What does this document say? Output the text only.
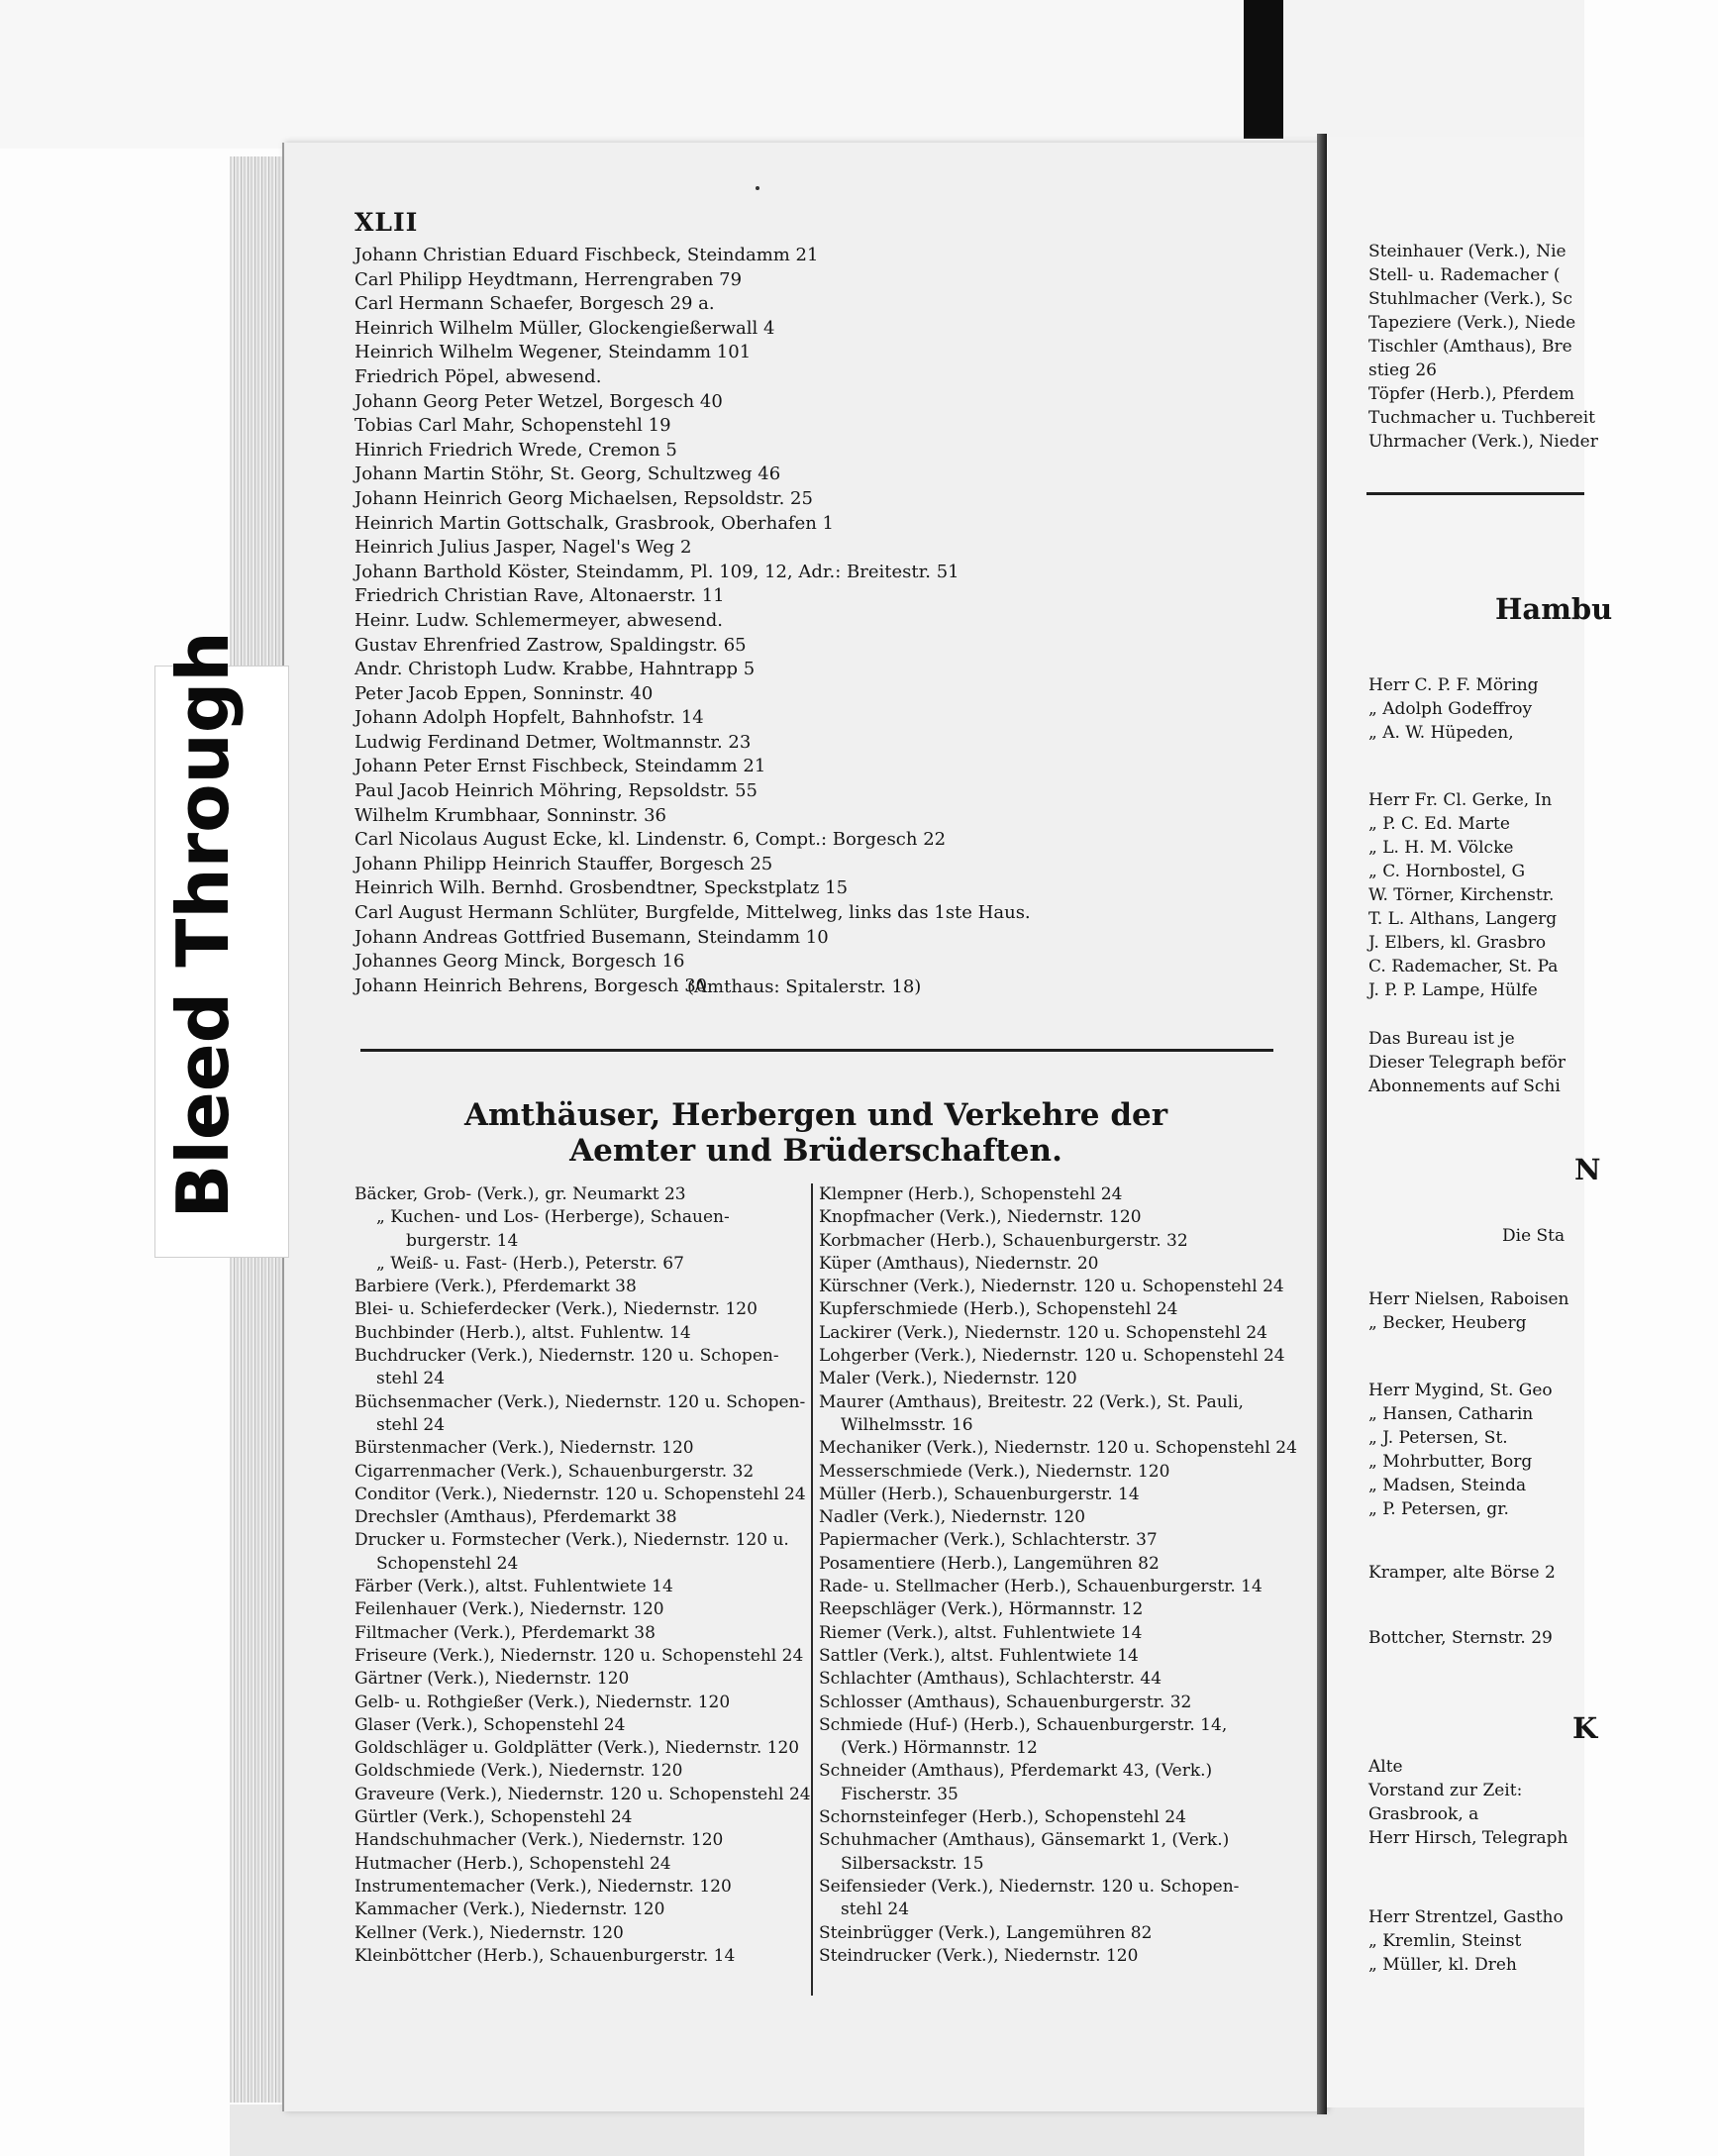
XLII
Johann Christian Eduard Fischbeck, Steindamm 21
Carl Philipp Heydtmann, Herrengraben 79
Carl Hermann Schaefer, Borgesch 29 a.
Heinrich Wilhelm Müller, Glockengießerwall 4
Heinrich Wilhelm Wegener, Steindamm 101
Friedrich Pöpel, abwesend.
Johann Georg Peter Wetzel, Borgesch 40
Tobias Carl Mahr, Schopenstehl 19
Hinrich Friedrich Wrede, Cremon 5
Johann Martin Stöhr, St. Georg, Schultzweg 46
Johann Heinrich Georg Michaelsen, Repsoldstr. 25
Heinrich Martin Gottschalk, Grasbrook, Oberhafen 1
Heinrich Julius Jasper, Nagel's Weg 2
Johann Barthold Köster, Steindamm, Pl. 109, 12, Adr.: Breitestr. 51
Friedrich Christian Rave, Altonaerstr. 11
Heinr. Ludw. Schlemermeyer, abwesend.
Gustav Ehrenfried Zastrow, Spaldingstr. 65
Andr. Christoph Ludw. Krabbe, Hahntrapp 5
Peter Jacob Eppen, Sonninstr. 40
Johann Adolph Hopfelt, Bahnhofstr. 14
Ludwig Ferdinand Detmer, Woltmannstr. 23
Johann Peter Ernst Fischbeck, Steindamm 21
Paul Jacob Heinrich Möhring, Repsoldstr. 55
Wilhelm Krumbhaar, Sonninstr. 36
Carl Nicolaus August Ecke, kl. Lindenstr. 6, Compt.: Borgesch 22
Johann Philipp Heinrich Stauffer, Borgesch 25
Heinrich Wilh. Bernhd. Grosbendtner, Speckstplatz 15
Carl August Hermann Schlüter, Burgfelde, Mittelweg, links das 1ste Haus.
Johann Andreas Gottfried Busemann, Steindamm 10
Johannes Georg Minck, Borgesch 16
Johann Heinrich Behrens, Borgesch 30
(Amthaus: Spitalerstr. 18)
Amthäuser, Herbergen und Verkehre der
Aemter und Brüderschaften.
Bäcker, Grob- (Verk.), gr. Neumarkt 23
„ Kuchen- und Los- (Herberge), Schauen-
burgerstr. 14
„ Weiß- u. Fast- (Herb.), Peterstr. 67
Barbiere (Verk.), Pferdemarkt 38
Blei- u. Schieferdecker (Verk.), Niedernstr. 120
Buchbinder (Herb.), altst. Fuhlentw. 14
Buchdrucker (Verk.), Niedernstr. 120 u. Schopen-
stehl 24
Büchsenmacher (Verk.), Niedernstr. 120 u. Schopen-
stehl 24
Bürstenmacher (Verk.), Niedernstr. 120
Cigarrenmacher (Verk.), Schauenburgerstr. 32
Conditor (Verk.), Niedernstr. 120 u. Schopenstehl 24
Drechsler (Amthaus), Pferdemarkt 38
Drucker u. Formstecher (Verk.), Niedernstr. 120 u.
Schopenstehl 24
Färber (Verk.), altst. Fuhlentwiete 14
Feilenhauer (Verk.), Niedernstr. 120
Filtmacher (Verk.), Pferdemarkt 38
Friseure (Verk.), Niedernstr. 120 u. Schopenstehl 24
Gärtner (Verk.), Niedernstr. 120
Gelb- u. Rothgießer (Verk.), Niedernstr. 120
Glaser (Verk.), Schopenstehl 24
Goldschläger u. Goldplätter (Verk.), Niedernstr. 120
Goldschmiede (Verk.), Niedernstr. 120
Graveure (Verk.), Niedernstr. 120 u. Schopenstehl 24
Gürtler (Verk.), Schopenstehl 24
Handschuhmacher (Verk.), Niedernstr. 120
Hutmacher (Herb.), Schopenstehl 24
Instrumentemacher (Verk.), Niedernstr. 120
Kammacher (Verk.), Niedernstr. 120
Kellner (Verk.), Niedernstr. 120
Kleinböttcher (Herb.), Schauenburgerstr. 14
Klempner (Herb.), Schopenstehl 24
Knopfmacher (Verk.), Niedernstr. 120
Korbmacher (Herb.), Schauenburgerstr. 32
Küper (Amthaus), Niedernstr. 20
Kürschner (Verk.), Niedernstr. 120 u. Schopenstehl 24
Kupferschmiede (Herb.), Schopenstehl 24
Lackirer (Verk.), Niedernstr. 120 u. Schopenstehl 24
Lohgerber (Verk.), Niedernstr. 120 u. Schopenstehl 24
Maler (Verk.), Niedernstr. 120
Maurer (Amthaus), Breitestr. 22 (Verk.), St. Pauli,
Wilhelmsstr. 16
Mechaniker (Verk.), Niedernstr. 120 u. Schopenstehl 24
Messerschmiede (Verk.), Niedernstr. 120
Müller (Herb.), Schauenburgerstr. 14
Nadler (Verk.), Niedernstr. 120
Papiermacher (Verk.), Schlachterstr. 37
Posamentiere (Herb.), Langemühren 82
Rade- u. Stellmacher (Herb.), Schauenburgerstr. 14
Reepschläger (Verk.), Hörmannstr. 12
Riemer (Verk.), altst. Fuhlentwiete 14
Sattler (Verk.), altst. Fuhlentwiete 14
Schlachter (Amthaus), Schlachterstr. 44
Schlosser (Amthaus), Schauenburgerstr. 32
Schmiede (Huf-) (Herb.), Schauenburgerstr. 14,
(Verk.) Hörmannstr. 12
Schneider (Amthaus), Pferdemarkt 43, (Verk.)
Fischerstr. 35
Schornsteinfeger (Herb.), Schopenstehl 24
Schuhmacher (Amthaus), Gänsemarkt 1, (Verk.)
Silbersackstr. 15
Seifensieder (Verk.), Niedernstr. 120 u. Schopen-
stehl 24
Steinbrügger (Verk.), Langemühren 82
Steindrucker (Verk.), Niedernstr. 120
Steinhauer (Verk.), Nie
Stell- u. Rademacher (
Stuhlmacher (Verk.), Sc
Tapeziere (Verk.), Niede
Tischler (Amthaus), Bre
stieg 26
Töpfer (Herb.), Pferdem
Tuchmacher u. Tuchbereit
Uhrmacher (Verk.), Nieder
Hambu
Herr C. P. F. Möring
„ Adolph Godeffroy
„ A. W. Hüpeden,
Herr Fr. Cl. Gerke, In
„ P. C. Ed. Marte
„ L. H. M. Völcke
„ C. Hornbostel, G
W. Törner, Kirchenstr.
T. L. Althans, Langerg
J. Elbers, kl. Grasbro
C. Rademacher, St. Pa
J. P. P. Lampe, Hülfe
Das Bureau ist je
Dieser Telegraph beför
Abonnements auf Schi
N
Die Sta
Herr Nielsen, Raboisen
„ Becker, Heuberg
Herr Mygind, St. Geo
„ Hansen, Catharin
„ J. Petersen, St.
„ Mohrbutter, Borg
„ Madsen, Steinda
„ P. Petersen, gr.
Kramper, alte Börse 2
Bottcher, Sternstr. 29
K
Alte
Vorstand zur Zeit:
Grasbrook, a
Herr Hirsch, Telegraph
Herr Strentzel, Gastho
„ Kremlin, Steinst
„ Müller, kl. Dreh
Bleed Through
